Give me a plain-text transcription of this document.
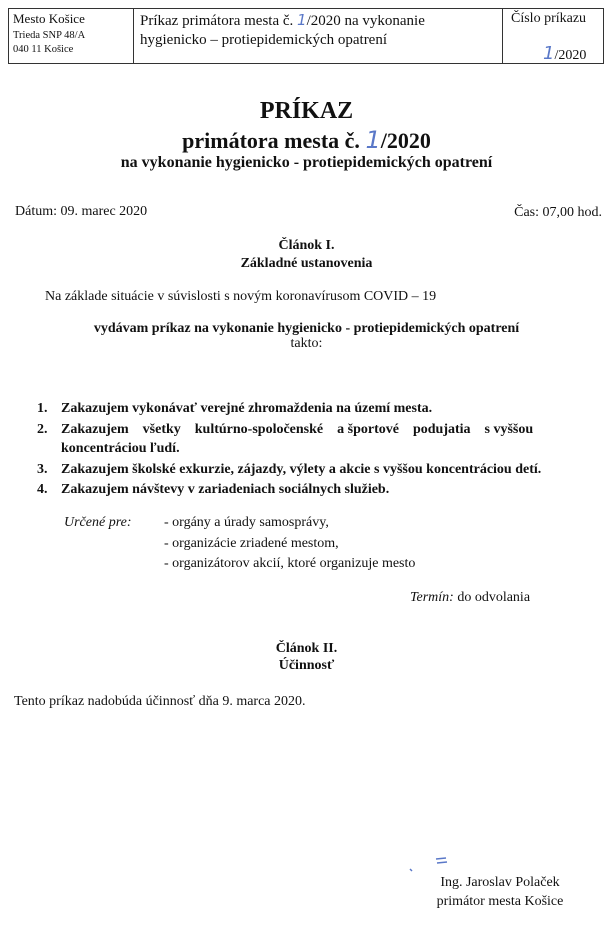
Mesto Košice
Trieda SNP 48/A
040 11 Košice
Príkaz primátora mesta č. 1/2020 na vykonanie
hygienicko – protiepidemických opatrení
Číslo príkazu
1/2020
PRÍKAZ
primátora mesta č. 1/2020
na vykonanie hygienicko - protiepidemických opatrení
Dátum: 09. marec 2020	Čas: 07,00 hod.
Článok I.
Základné ustanovenia
Na základe situácie v súvislosti s novým koronavírusom COVID – 19
vydávam príkaz na vykonanie hygienicko - protiepidemických opatrení
takto:
1. Zakazujem vykonávať verejné zhromaždenia na území mesta.
2. Zakazujem    všetky    kultúrno-spoločenské    a športové    podujatia    s vyššou
koncentráciou ľudí.
3. Zakazujem školské exkurzie, zájazdy, výlety a akcie s vyššou koncentráciou detí.
4. Zakazujem návštevy v zariadeniach sociálnych služieb.
Určené pre: - orgány a úrady samosprávy,
- organizácie zriadené mestom,
- organizátorov akcií, ktoré organizuje mesto
Termín: do odvolania
Článok II.
Účinnosť
Tento príkaz nadobúda účinnosť dňa 9. marca 2020.
Ing. Jaroslav Polaček
primátor mesta Košice
